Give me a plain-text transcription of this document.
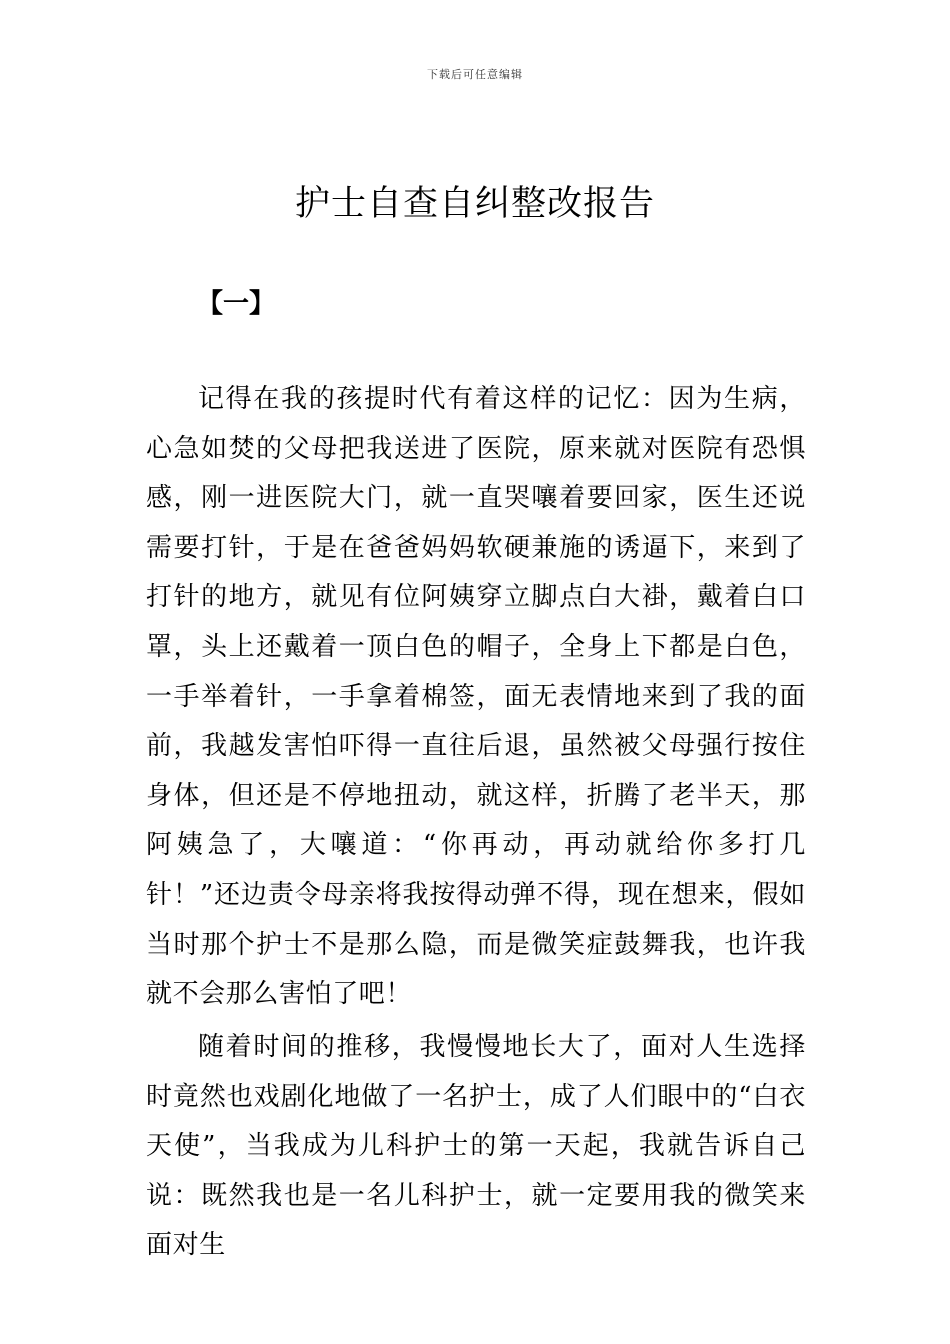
下载后可任意编辑
护士自查自纠整改报告
【一】

记得在我的孩提时代有着这样的记忆：因为生病，心急如焚的父母把我送进了医院，原来就对医院有恐惧感，刚一进医院大门，就一直哭嚷着要回家，医生还说需要打针，于是在爸爸妈妈软硬兼施的诱逼下，来到了打针的地方，就见有位阿姨穿立脚点白大褂，戴着白口罩，头上还戴着一顶白色的帽子，全身上下都是白色，一手举着针，一手拿着棉签，面无表情地来到了我的面前，我越发害怕吓得一直往后退，虽然被父母强行按住身体，但还是不停地扭动，就这样，折腾了老半天，那阿姨急了，大嚷道：“你再动，再动就给你多打几针！”还边责令母亲将我按得动弹不得，现在想来，假如当时那个护士不是那么隐，而是微笑症鼓舞我，也许我就不会那么害怕了吧！

随着时间的推移，我慢慢地长大了，面对人生选择时竟然也戏剧化地做了一名护士，成了人们眼中的“白衣天使”，当我成为儿科护士的第一天起，我就告诉自己说：既然我也是一名儿科护士，就一定要用我的微笑来面对生
